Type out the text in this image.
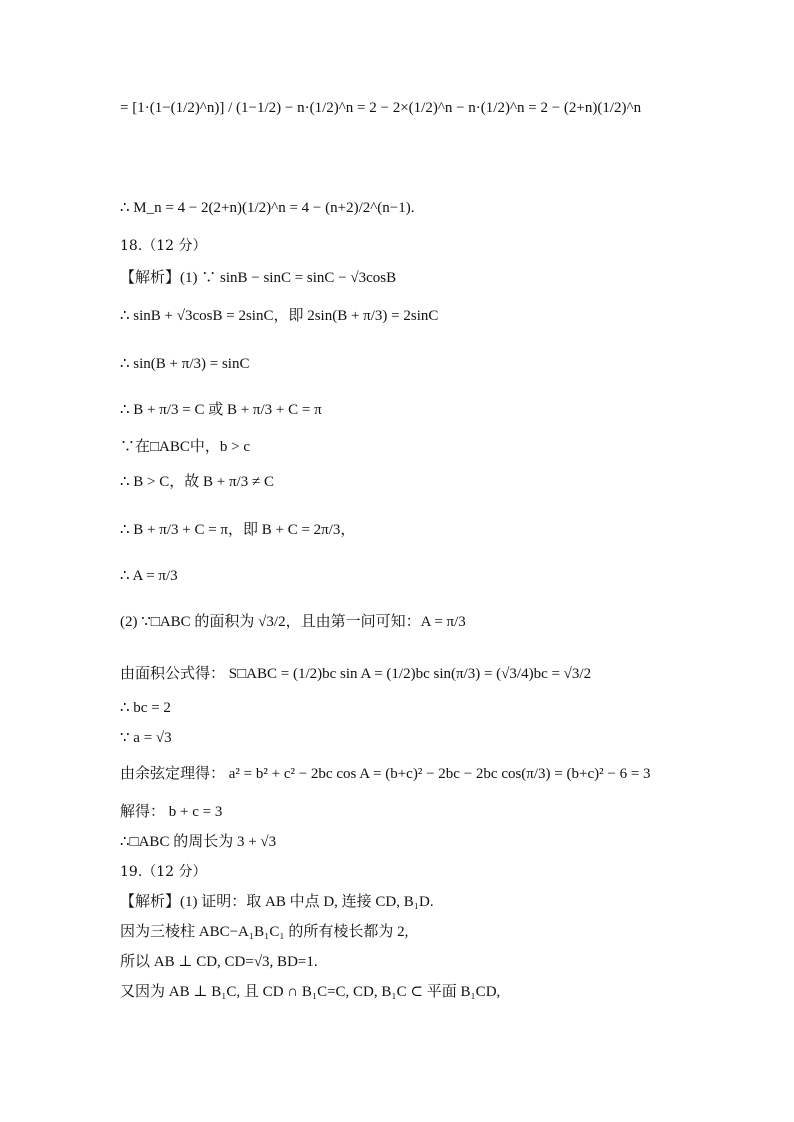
= [1·(1−(1/2)^n)] / (1−1/2) − n·(1/2)^n = 2 − 2×(1/2)^n − n·(1/2)^n = 2 − (2+n)(1/2)^n
∴ M_n = 4 − 2(2+n)(1/2)^n = 4 − (n+2)/2^(n−1).
18.（12 分）
【解析】(1) ∵ sinB − sinC = sinC − √3cosB
∴ sinB + √3cosB = 2sinC，即 2sin(B + π/3) = 2sinC
∴ sin(B + π/3) = sinC
∴ B + π/3 = C 或 B + π/3 + C = π
∵在□ABC中，b > c
∴ B > C，故 B + π/3 ≠ C
∴ B + π/3 + C = π，即 B + C = 2π/3，
∴ A = π/3
(2) ∵□ABC 的面积为 √3/2，且由第一问可知：A = π/3
由面积公式得： S□ABC = (1/2)bc sin A = (1/2)bc sin(π/3) = (√3/4)bc = √3/2
∴ bc = 2
∵ a = √3
由余弦定理得： a² = b² + c² − 2bc cos A = (b+c)² − 2bc − 2bc cos(π/3) = (b+c)² − 6 = 3
解得： b + c = 3
∴□ABC 的周长为 3 + √3
19.（12 分）
【解析】(1) 证明：取 AB 中点 D, 连接 CD, B₁D.
因为三棱柱 ABC−A₁B₁C₁ 的所有棱长都为 2,
所以 AB ⊥ CD, CD=√3, BD=1.
又因为 AB ⊥ B₁C, 且 CD ∩ B₁C=C, CD, B₁C ⊂ 平面 B₁CD,
